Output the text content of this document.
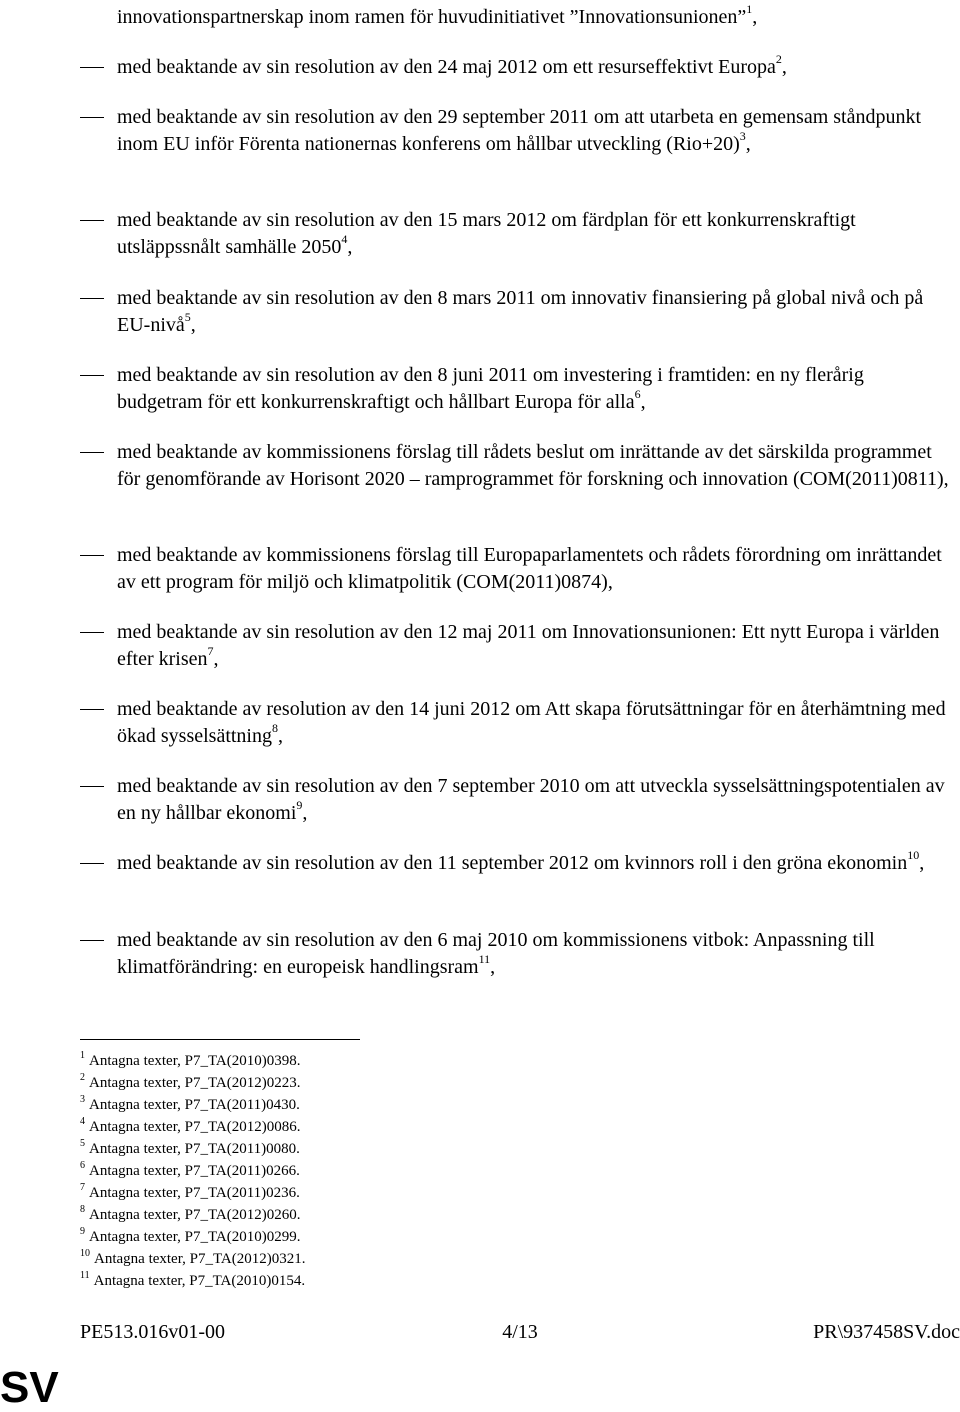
innovationspartnerskap inom ramen för huvudinitiativet ”Innovationsunionen”$^1$,

med beaktande av sin resolution av den 24 maj 2012 om ett resurseffektivt Europa$^2$,

med beaktande av sin resolution av den 29 september 2011 om att utarbeta en gemensam ståndpunkt inom EU inför Förenta nationernas konferens om hållbar utveckling $(Rio+20)^3$,

med beaktande av sin resolution av den 15 mars 2012 om färdplan för ett konkurrenskraftigt utsläppssnålt samhälle 2050$^4$,

med beaktande av sin resolution av den 8 mars 2011 om innovativ finansiering på global nivå och på EU-nivå$^5$,

med beaktande av sin resolution av den 8 juni 2011 om investering i framtiden: en ny flerårig budgetram för ett konkurrenskraftigt och hållbart Europa för alla$^6$,

med beaktande av kommissionens förslag till rådets beslut om inrättande av det särskilda programmet för genomförande av Horisont 2020 – ramprogrammet för forskning och innovation (COM(2011)0811),

med beaktande av kommissionens förslag till Europaparlamentets och rådets förordning om inrättandet av ett program för miljö och klimatpolitik (COM(2011)0874),

med beaktande av sin resolution av den 12 maj 2011 om Innovationsunionen: Ett nytt Europa i världen efter krisen$^7$,

med beaktande av resolution av den 14 juni 2012 om Att skapa förutsättningar för en återhämtning med ökad sysselsättning$^8$,

med beaktande av sin resolution av den 7 september 2010 om att utveckla sysselsättningspotentialen av en ny hållbar ekonomi$^9$,

med beaktande av sin resolution av den 11 september 2012 om kvinnors roll i den gröna ekonomin$^{10}$,

med beaktande av sin resolution av den 6 maj 2010 om kommissionens vitbok: Anpassning till klimatförändring: en europeisk handlingsram$^{11}$,

$^1$ Antagna texter, P7_TA(2010)0398.

$^2$ Antagna texter, P7_TA(2012)0223.

$^3$ Antagna texter, P7_TA(2011)0430.

$^4$ Antagna texter, P7_TA(2012)0086.

$^5$ Antagna texter, P7_TA(2011)0080.

$^6$ Antagna texter, P7_TA(2011)0266.

$^7$ Antagna texter, P7_TA(2011)0236.

$^8$ Antagna texter, P7_TA(2012)0260.

$^9$ Antagna texter, P7_TA(2010)0299.

$^{10}$ Antagna texter, P7_TA(2012)0321.

$^{11}$ Antagna texter, P7_TA(2010)0154.

PE513.016v01-00	4/13	PR\937458SV.doc
SV
